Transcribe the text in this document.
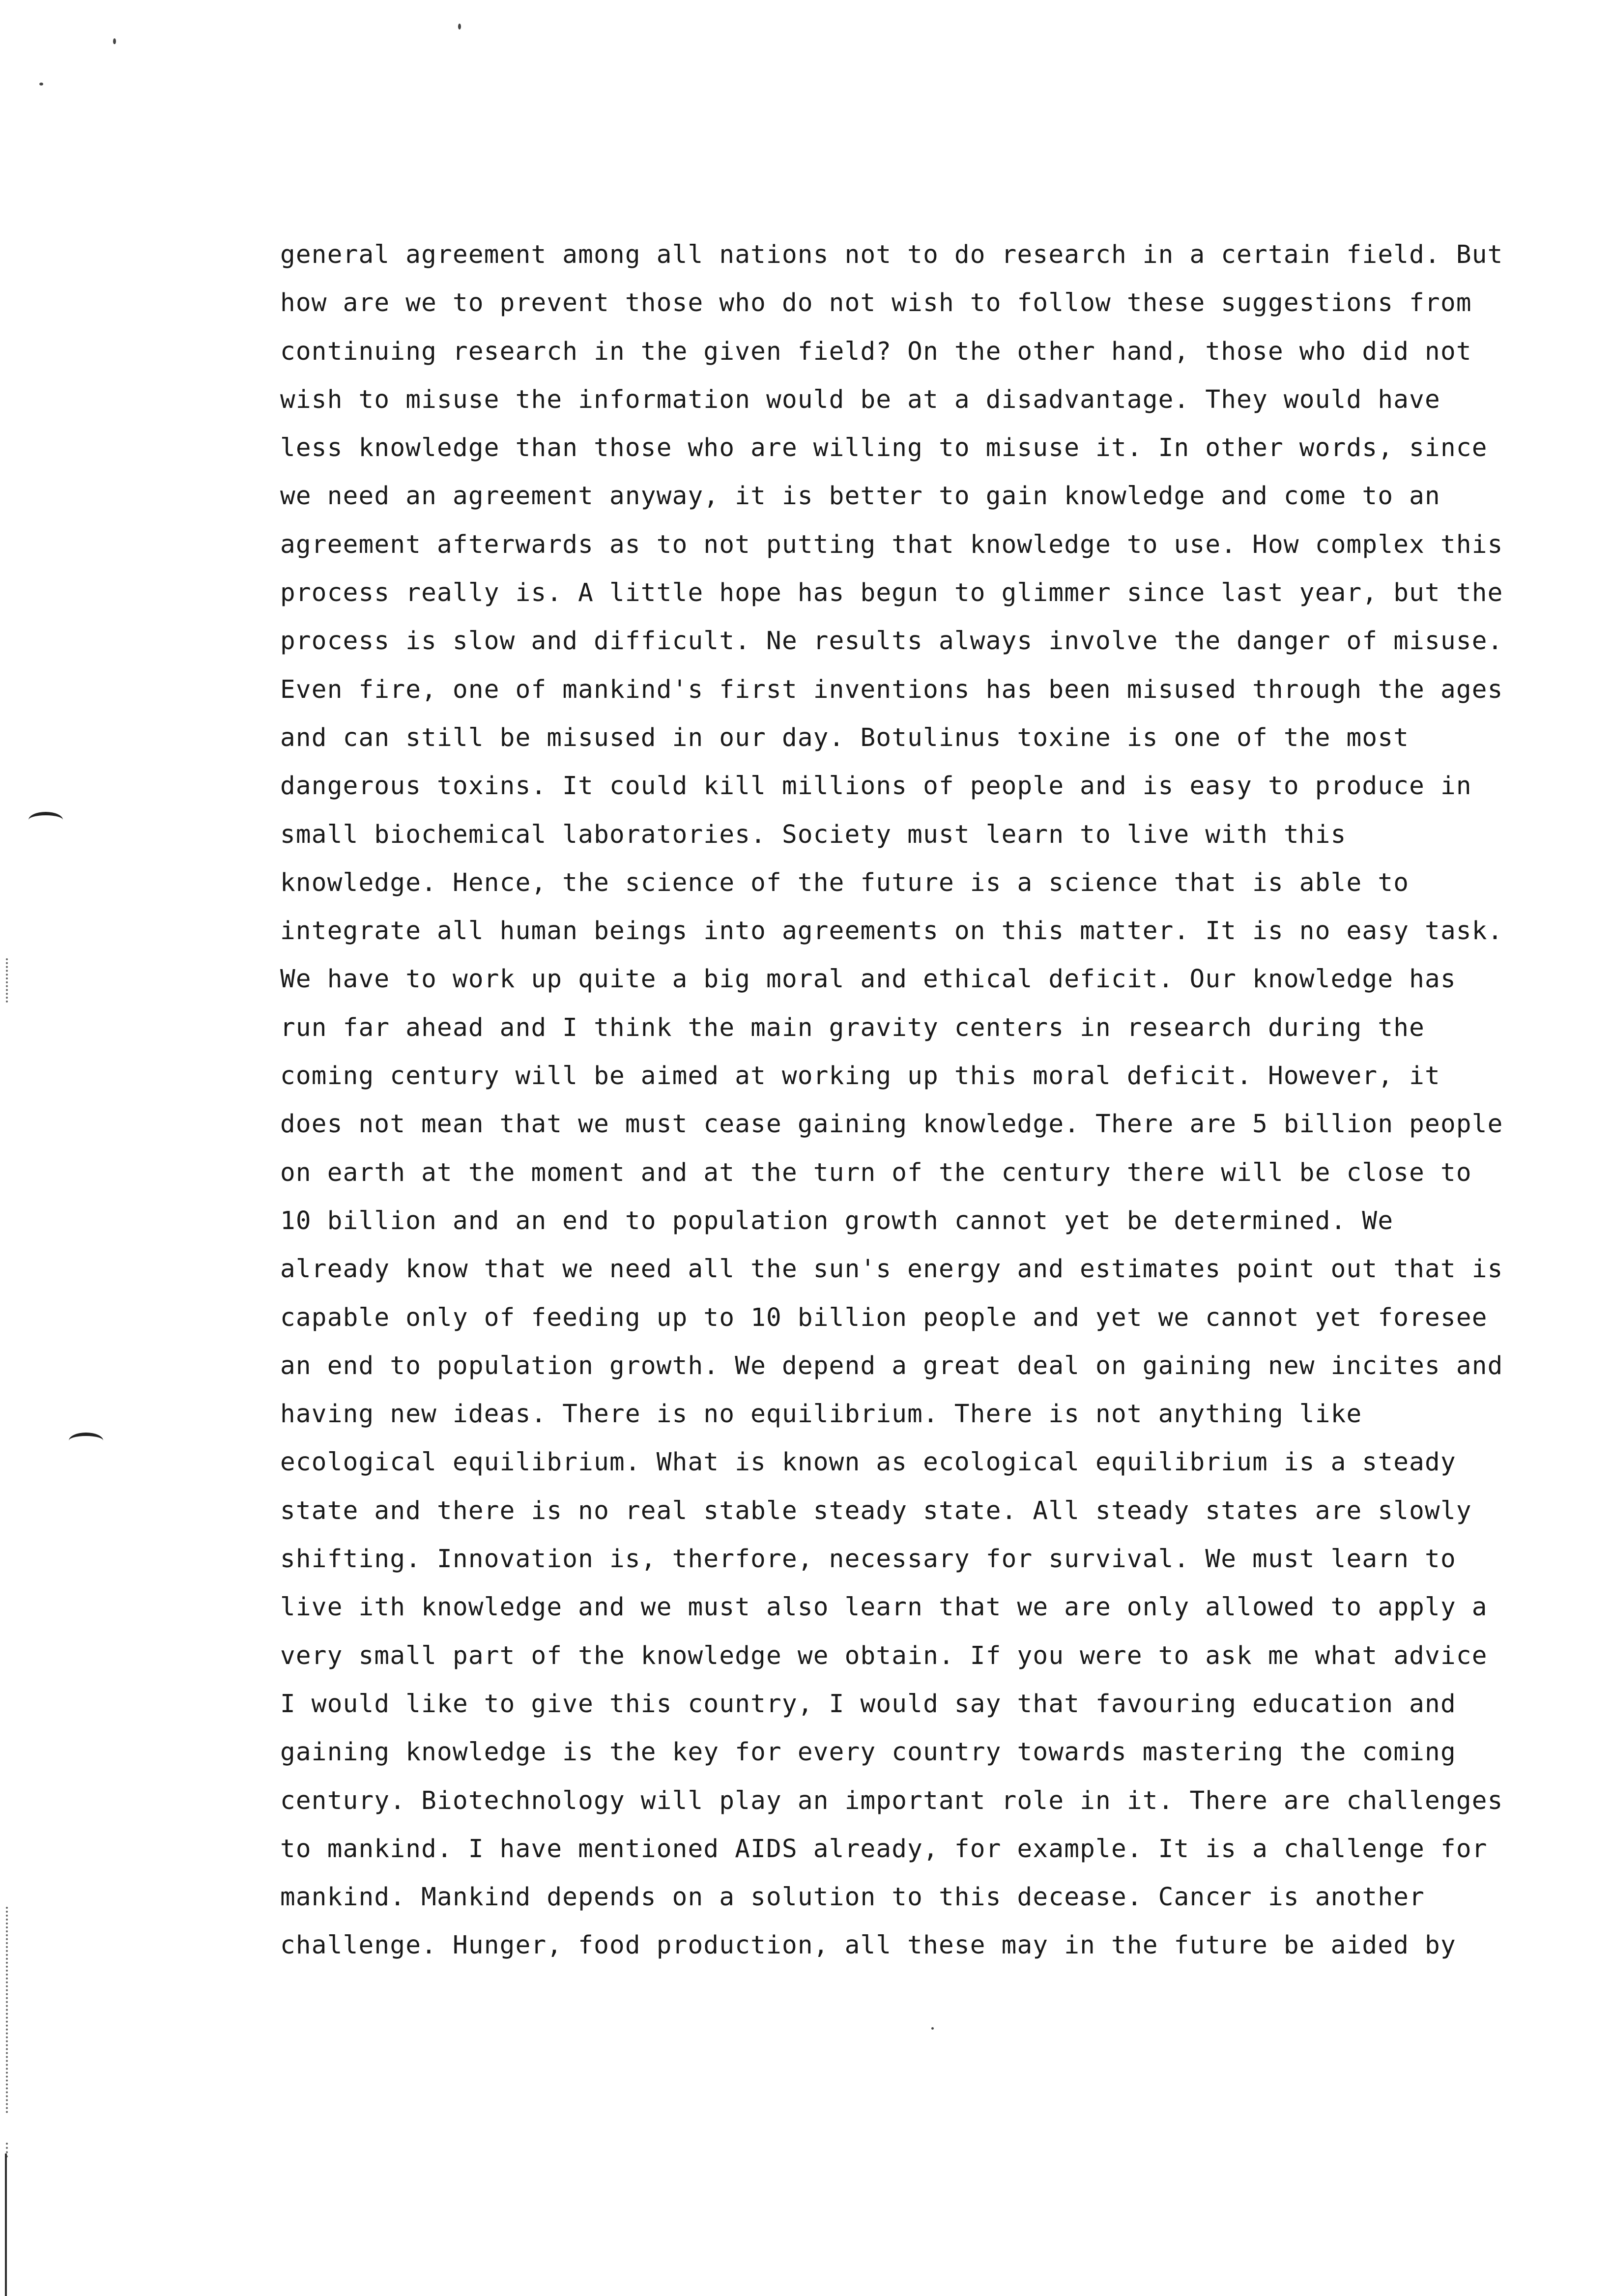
general agreement among all nations not to do research in a certain field. But
how are we to prevent those who do not wish to follow these suggestions from
continuing research in the given field? On the other hand, those who did not
wish to misuse the information would be at a disadvantage. They would have
less knowledge than those who are willing to misuse it. In other words, since
we need an agreement anyway, it is better to gain knowledge and come to an
agreement afterwards as to not putting that knowledge to use. How complex this
process really is. A little hope has begun to glimmer since last year, but the
process is slow and difficult. Ne results always involve the danger of misuse.
Even fire, one of mankind's first inventions has been misused through the ages
and can still be misused in our day. Botulinus toxine is one of the most
dangerous toxins. It could kill millions of people and is easy to produce in
small biochemical laboratories. Society must learn to live with this
knowledge. Hence, the science of the future is a science that is able to
integrate all human beings into agreements on this matter. It is no easy task.
We have to work up quite a big moral and ethical deficit. Our knowledge has
run far ahead and I think the main gravity centers in research during the
coming century will be aimed at working up this moral deficit. However, it
does not mean that we must cease gaining knowledge. There are 5 billion people
on earth at the moment and at the turn of the century there will be close to
10 billion and an end to population growth cannot yet be determined. We
already know that we need all the sun's energy and estimates point out that is
capable only of feeding up to 10 billion people and yet we cannot yet foresee
an end to population growth. We depend a great deal on gaining new incites and
having new ideas. There is no equilibrium. There is not anything like
ecological equilibrium. What is known as ecological equilibrium is a steady
state and there is no real stable steady state. All steady states are slowly
shifting. Innovation is, therfore, necessary for survival. We must learn to
live ith knowledge and we must also learn that we are only allowed to apply a
very small part of the knowledge we obtain. If you were to ask me what advice
I would like to give this country, I would say that favouring education and
gaining knowledge is the key for every country towards mastering the coming
century. Biotechnology will play an important role in it. There are challenges
to mankind. I have mentioned AIDS already, for example. It is a challenge for
mankind. Mankind depends on a solution to this decease. Cancer is another
challenge. Hunger, food production, all these may in the future be aided by
